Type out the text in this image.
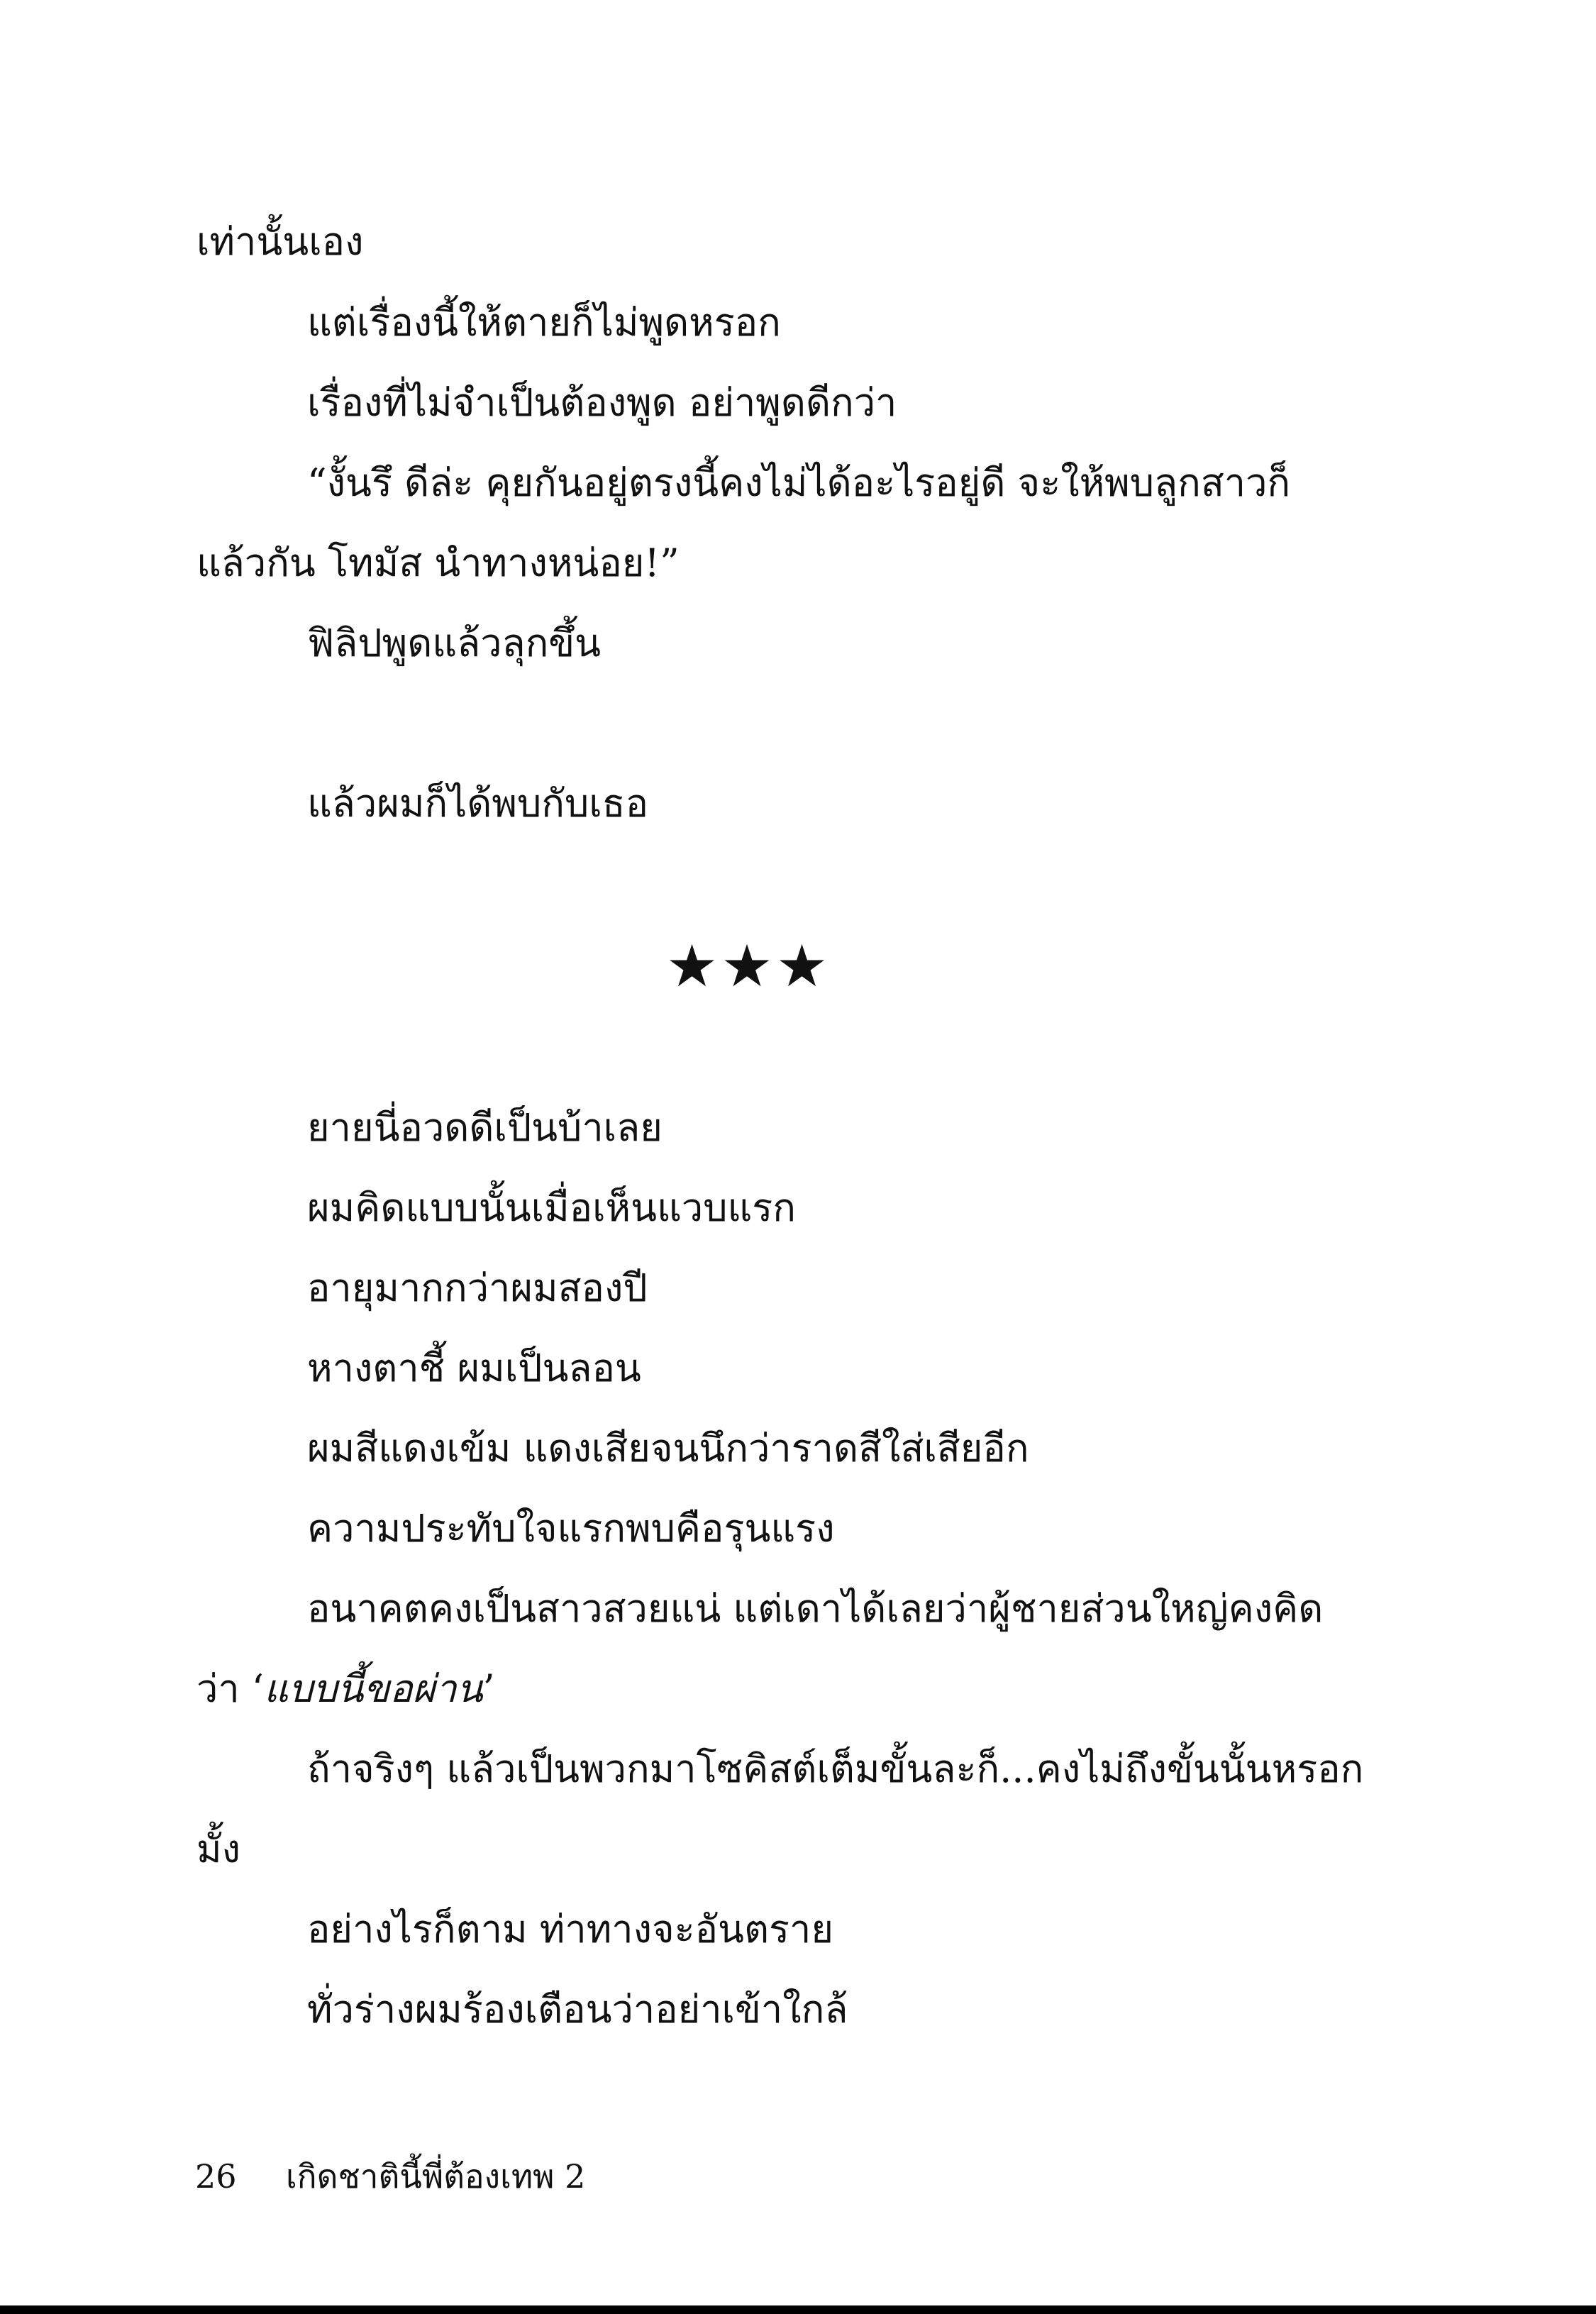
เท่านั้นเอง
แต่เรื่องนี้ให้ตายก็ไม่พูดหรอก
เรื่องที่ไม่จำเป็นต้องพูด อย่าพูดดีกว่า
“งั้นรึ ดีล่ะ คุยกันอยู่ตรงนี้คงไม่ได้อะไรอยู่ดี จะให้พบลูกสาวก็
แล้วกัน โทมัส นำทางหน่อย!”
ฟิลิปพูดแล้วลุกขึ้น
แล้วผมก็ได้พบกับเธอ
★★★
ยายนี่อวดดีเป็นบ้าเลย
ผมคิดแบบนั้นเมื่อเห็นแวบแรก
อายุมากกว่าผมสองปี
หางตาชี้ ผมเป็นลอน
ผมสีแดงเข้ม แดงเสียจนนึกว่าราดสีใส่เสียอีก
ความประทับใจแรกพบคือรุนแรง
อนาคตคงเป็นสาวสวยแน่ แต่เดาได้เลยว่าผู้ชายส่วนใหญ่คงคิด
ว่า ‘แบบนี้ขอผ่าน’
ถ้าจริงๆ แล้วเป็นพวกมาโซคิสต์เต็มขั้นละก็...คงไม่ถึงขั้นนั้นหรอก
มั้ง
อย่างไรก็ตาม ท่าทางจะอันตราย
ทั่วร่างผมร้องเตือนว่าอย่าเข้าใกล้
26 เกิดชาตินี้พี่ต้องเทพ 2
